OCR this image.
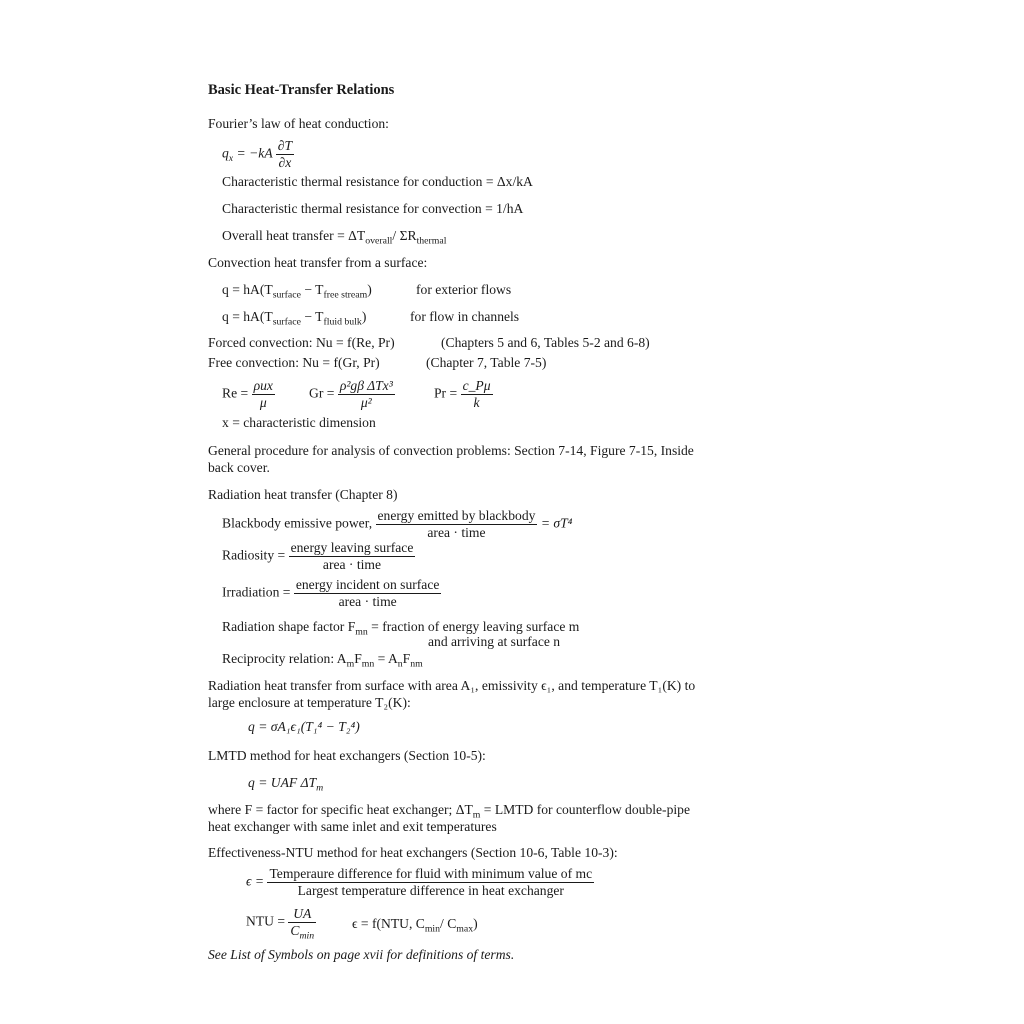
Basic Heat-Transfer Relations
Fourier’s law of heat conduction:
$q_x = -kA \frac{\partial T}{\partial x}$
Characteristic thermal resistance for conduction = Δx/kA
Characteristic thermal resistance for convection = 1/hA
Overall heat transfer = $\Delta T_{overall}/$ $\Sigma R_{thermal}$
Convection heat transfer from a surface:
$q = hA(T_{surface} - T_{free stream})$	for exterior flows
$q = hA(T_{surface} - T_{fluid bulk})$	for flow in channels
Forced convection: Nu = f(Re, Pr)	(Chapters 5 and 6, Tables 5-2 and 6-8)
Free convection: Nu = f(Gr, Pr)	(Chapter 7, Table 7-5)
$Re = \frac{\text{ρux}}{\mu}$	$Gr = \frac{\text{ρ²gβ ΔTx³}}{\text{μ²}}$	$Pr = \frac{c\_P\mu}{k}$
x = characteristic dimension
General procedure for analysis of convection problems: Section 7-14, Figure 7-15, Inside
back cover.
Radiation heat transfer (Chapter 8)
Blackbody emissive power, $\frac{\text{energy emitted by blackbody}}{\text{area · time}} = \sigma T^4$
Radiosity = $\frac{\text{energy leaving surface}}{\text{area · time}}$
Irradiation = $\frac{\text{energy incident on surface}}{\text{area · time}}$
Radiation shape factor $F_{mn}$ = fraction of energy leaving surface m
and arriving at surface n
Reciprocity relation: $A_mF_{mn} = A_nF_{nm}$
Radiation heat transfer from surface with area A₁, emissivity ϵ₁, and temperature T₁(K) to
large enclosure at temperature T₂(K):
q = σA₁ϵ₁(T₁⁴ − T₂⁴)
LMTD method for heat exchangers (Section 10-5):
q = UAF $\Delta T_m$
where F = factor for specific heat exchanger; $\Delta T_m$ = LMTD for counterflow double-pipe
heat exchanger with same inlet and exit temperatures
Effectiveness-NTU method for heat exchangers (Section 10-6, Table 10-3):
$\epsilon = \frac{\text{Temperaure difference for fluid with minimum value of mc}}{\text{Largest temperature difference in heat exchanger}}$
NTU = $\frac{UA}{C_{min}}$	ϵ = f(NTU, $C_{min}/$ $C_{max}$)
See List of Symbols on page xvii for definitions of terms.
